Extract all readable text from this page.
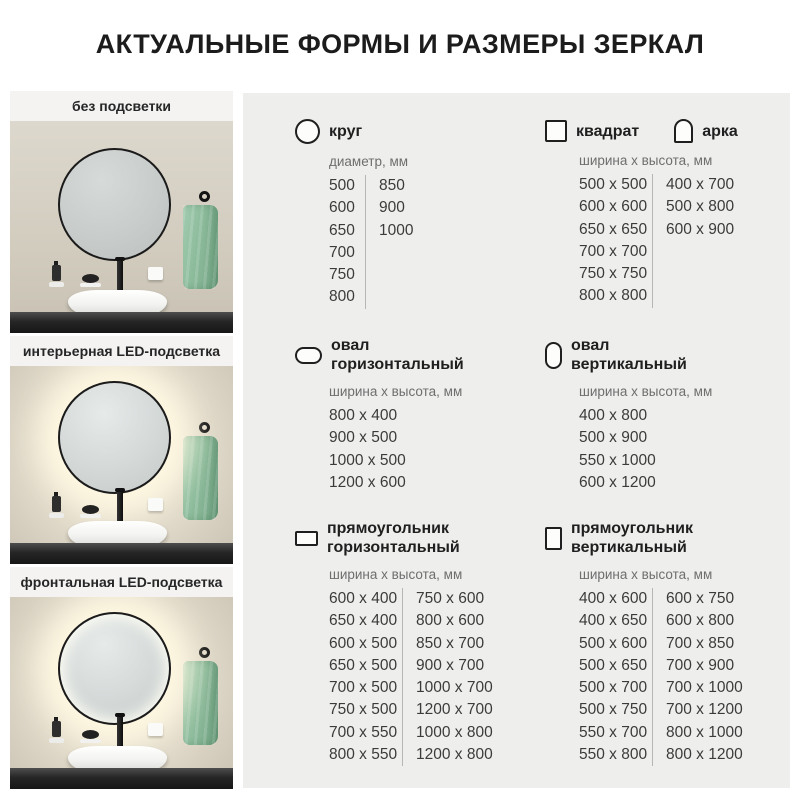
АКТУАЛЬНЫЕ ФОРМЫ И РАЗМЕРЫ ЗЕРКАЛ
без подсветки
интерьерная LED-подсветка
фронтальная LED-подсветка
круг
диаметр, мм
500
600
650
700
750
800
850
900
1000
квадрат	арка
ширина x высота, мм
500 x 500
600 x 600
650 x 650
700 x 700
750 x 750
800 x 800
400 x 700
500 x 800
600 x 900
овал
горизонтальный
ширина x высота, мм
800 x 400
900 x 500
1000 x 500
1200 x 600
овал
вертикальный
ширина x высота, мм
400 x 800
500 x 900
550 x 1000
600 x 1200
прямоугольник
горизонтальный
ширина x высота, мм
600 x 400
650 x 400
600 x 500
650 x 500
700 x 500
750 x 500
700 x 550
800 x 550
750 x 600
800 x 600
850 x 700
900 x 700
1000 x 700
1200 x 700
1000 x 800
1200 x 800
прямоугольник
вертикальный
ширина x высота, мм
400 x 600
400 x 650
500 x 600
500 x 650
500 x 700
500 x 750
550 x 700
550 x 800
600 x 750
600 x 800
700 x 850
700 x 900
700 x 1000
700 x 1200
800 x 1000
800 x 1200
